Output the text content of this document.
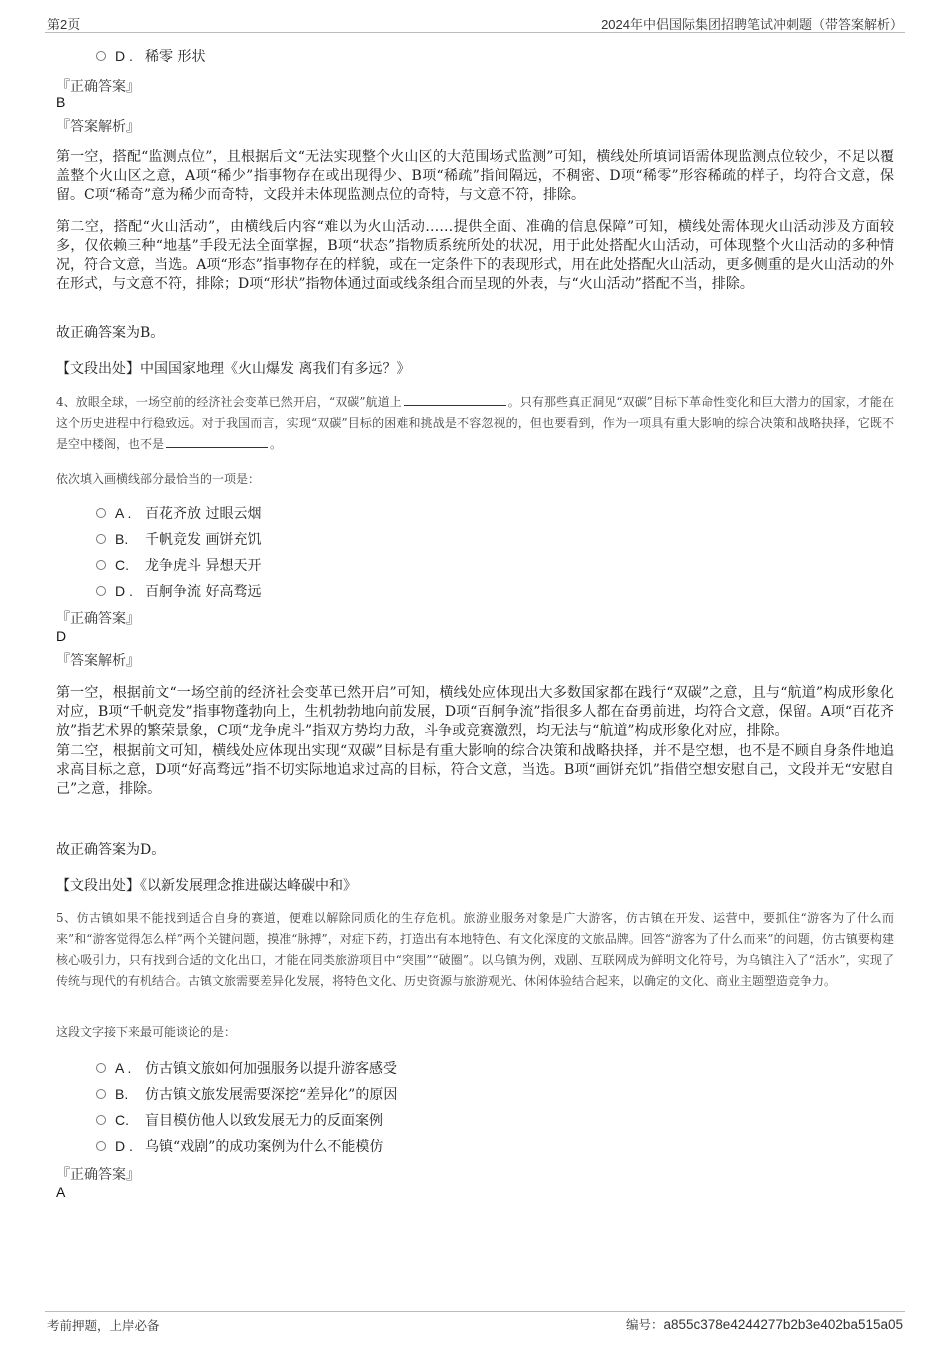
第2页	2024年中侣国际集团招聘笔试冲刺题（带答案解析）
D . 稀零 形状
『正确答案』
B
『答案解析』
第一空，搭配“监测点位”，且根据后文“无法实现整个火山区的大范围场式监测”可知，横线处所填词语需体现监测点位较少，不足以覆盖整个火山区之意，A项“稀少”指事物存在或出现得少、B项“稀疏”指间隔远，不稠密、D项“稀零”形容稀疏的样子，均符合文意，保留。C项“稀奇”意为稀少而奇特，文段并未体现监测点位的奇特，与文意不符，排除。
第二空，搭配“火山活动”，由横线后内容“难以为火山活动……提供全面、准确的信息保障”可知，横线处需体现火山活动涉及方面较多，仅依赖三种“地基”手段无法全面掌握，B项“状态”指物质系统所处的状况，用于此处搭配火山活动，可体现整个火山活动的多种情况，符合文意，当选。A项“形态”指事物存在的样貌，或在一定条件下的表现形式，用在此处搭配火山活动，更多侧重的是火山活动的外在形式，与文意不符，排除；D项“形状”指物体通过面或线条组合而呈现的外表，与“火山活动”搭配不当，排除。
故正确答案为B。
【文段出处】中国国家地理《火山爆发 离我们有多远？》
4、放眼全球，一场空前的经济社会变革已然开启，“双碳”航道上	。只有那些真正洞见“双碳”目标下革命性变化和巨大潜力的国家，才能在这个历史进程中行稳致远。对于我国而言，实现“双碳”目标的困难和挑战是不容忽视的，但也要看到，作为一项具有重大影响的综合决策和战略抉择，它既不是空中楼阁，也不是	。
依次填入画横线部分最恰当的一项是：
A . 百花齐放 过眼云烟
B. 千帆竞发 画饼充饥
C. 龙争虎斗 异想天开
D . 百舸争流 好高骛远
『正确答案』
D
『答案解析』
第一空，根据前文“一场空前的经济社会变革已然开启”可知，横线处应体现出大多数国家都在践行“双碳”之意，且与“航道”构成形象化对应，B项“千帆竞发”指事物蓬勃向上，生机勃勃地向前发展，D项“百舸争流”指很多人都在奋勇前进，均符合文意，保留。A项“百花齐放”指艺术界的繁荣景象，C项“龙争虎斗”指双方势均力敌，斗争或竞赛激烈，均无法与“航道”构成形象化对应，排除。
第二空，根据前文可知，横线处应体现出实现“双碳”目标是有重大影响的综合决策和战略抉择，并不是空想，也不是不顾自身条件地追求高目标之意，D项“好高骛远”指不切实际地追求过高的目标，符合文意，当选。B项“画饼充饥”指借空想安慰自己，文段并无“安慰自己”之意，排除。
故正确答案为D。
【文段出处】《以新发展理念推进碳达峰碳中和》
5、仿古镇如果不能找到适合自身的赛道，便难以解除同质化的生存危机。旅游业服务对象是广大游客，仿古镇在开发、运营中，要抓住“游客为了什么而来”和“游客觉得怎么样”两个关键问题，摸准“脉搏”，对症下药，打造出有本地特色、有文化深度的文旅品牌。回答“游客为了什么而来”的问题，仿古镇要构建核心吸引力，只有找到合适的文化出口，才能在同类旅游项目中“突围”“破圈”。以乌镇为例，戏剧、互联网成为鲜明文化符号，为乌镇注入了“活水”，实现了传统与现代的有机结合。古镇文旅需要差异化发展，将特色文化、历史资源与旅游观光、休闲体验结合起来，以确定的文化、商业主题塑造竞争力。
这段文字接下来最可能谈论的是：
A . 仿古镇文旅如何加强服务以提升游客感受
B. 仿古镇文旅发展需要深挖“差异化”的原因
C. 盲目模仿他人以致发展无力的反面案例
D . 乌镇“戏剧”的成功案例为什么不能模仿
『正确答案』
A
考前押题，上岸必备	编号：a855c378e4244277b2b3e402ba515a05
